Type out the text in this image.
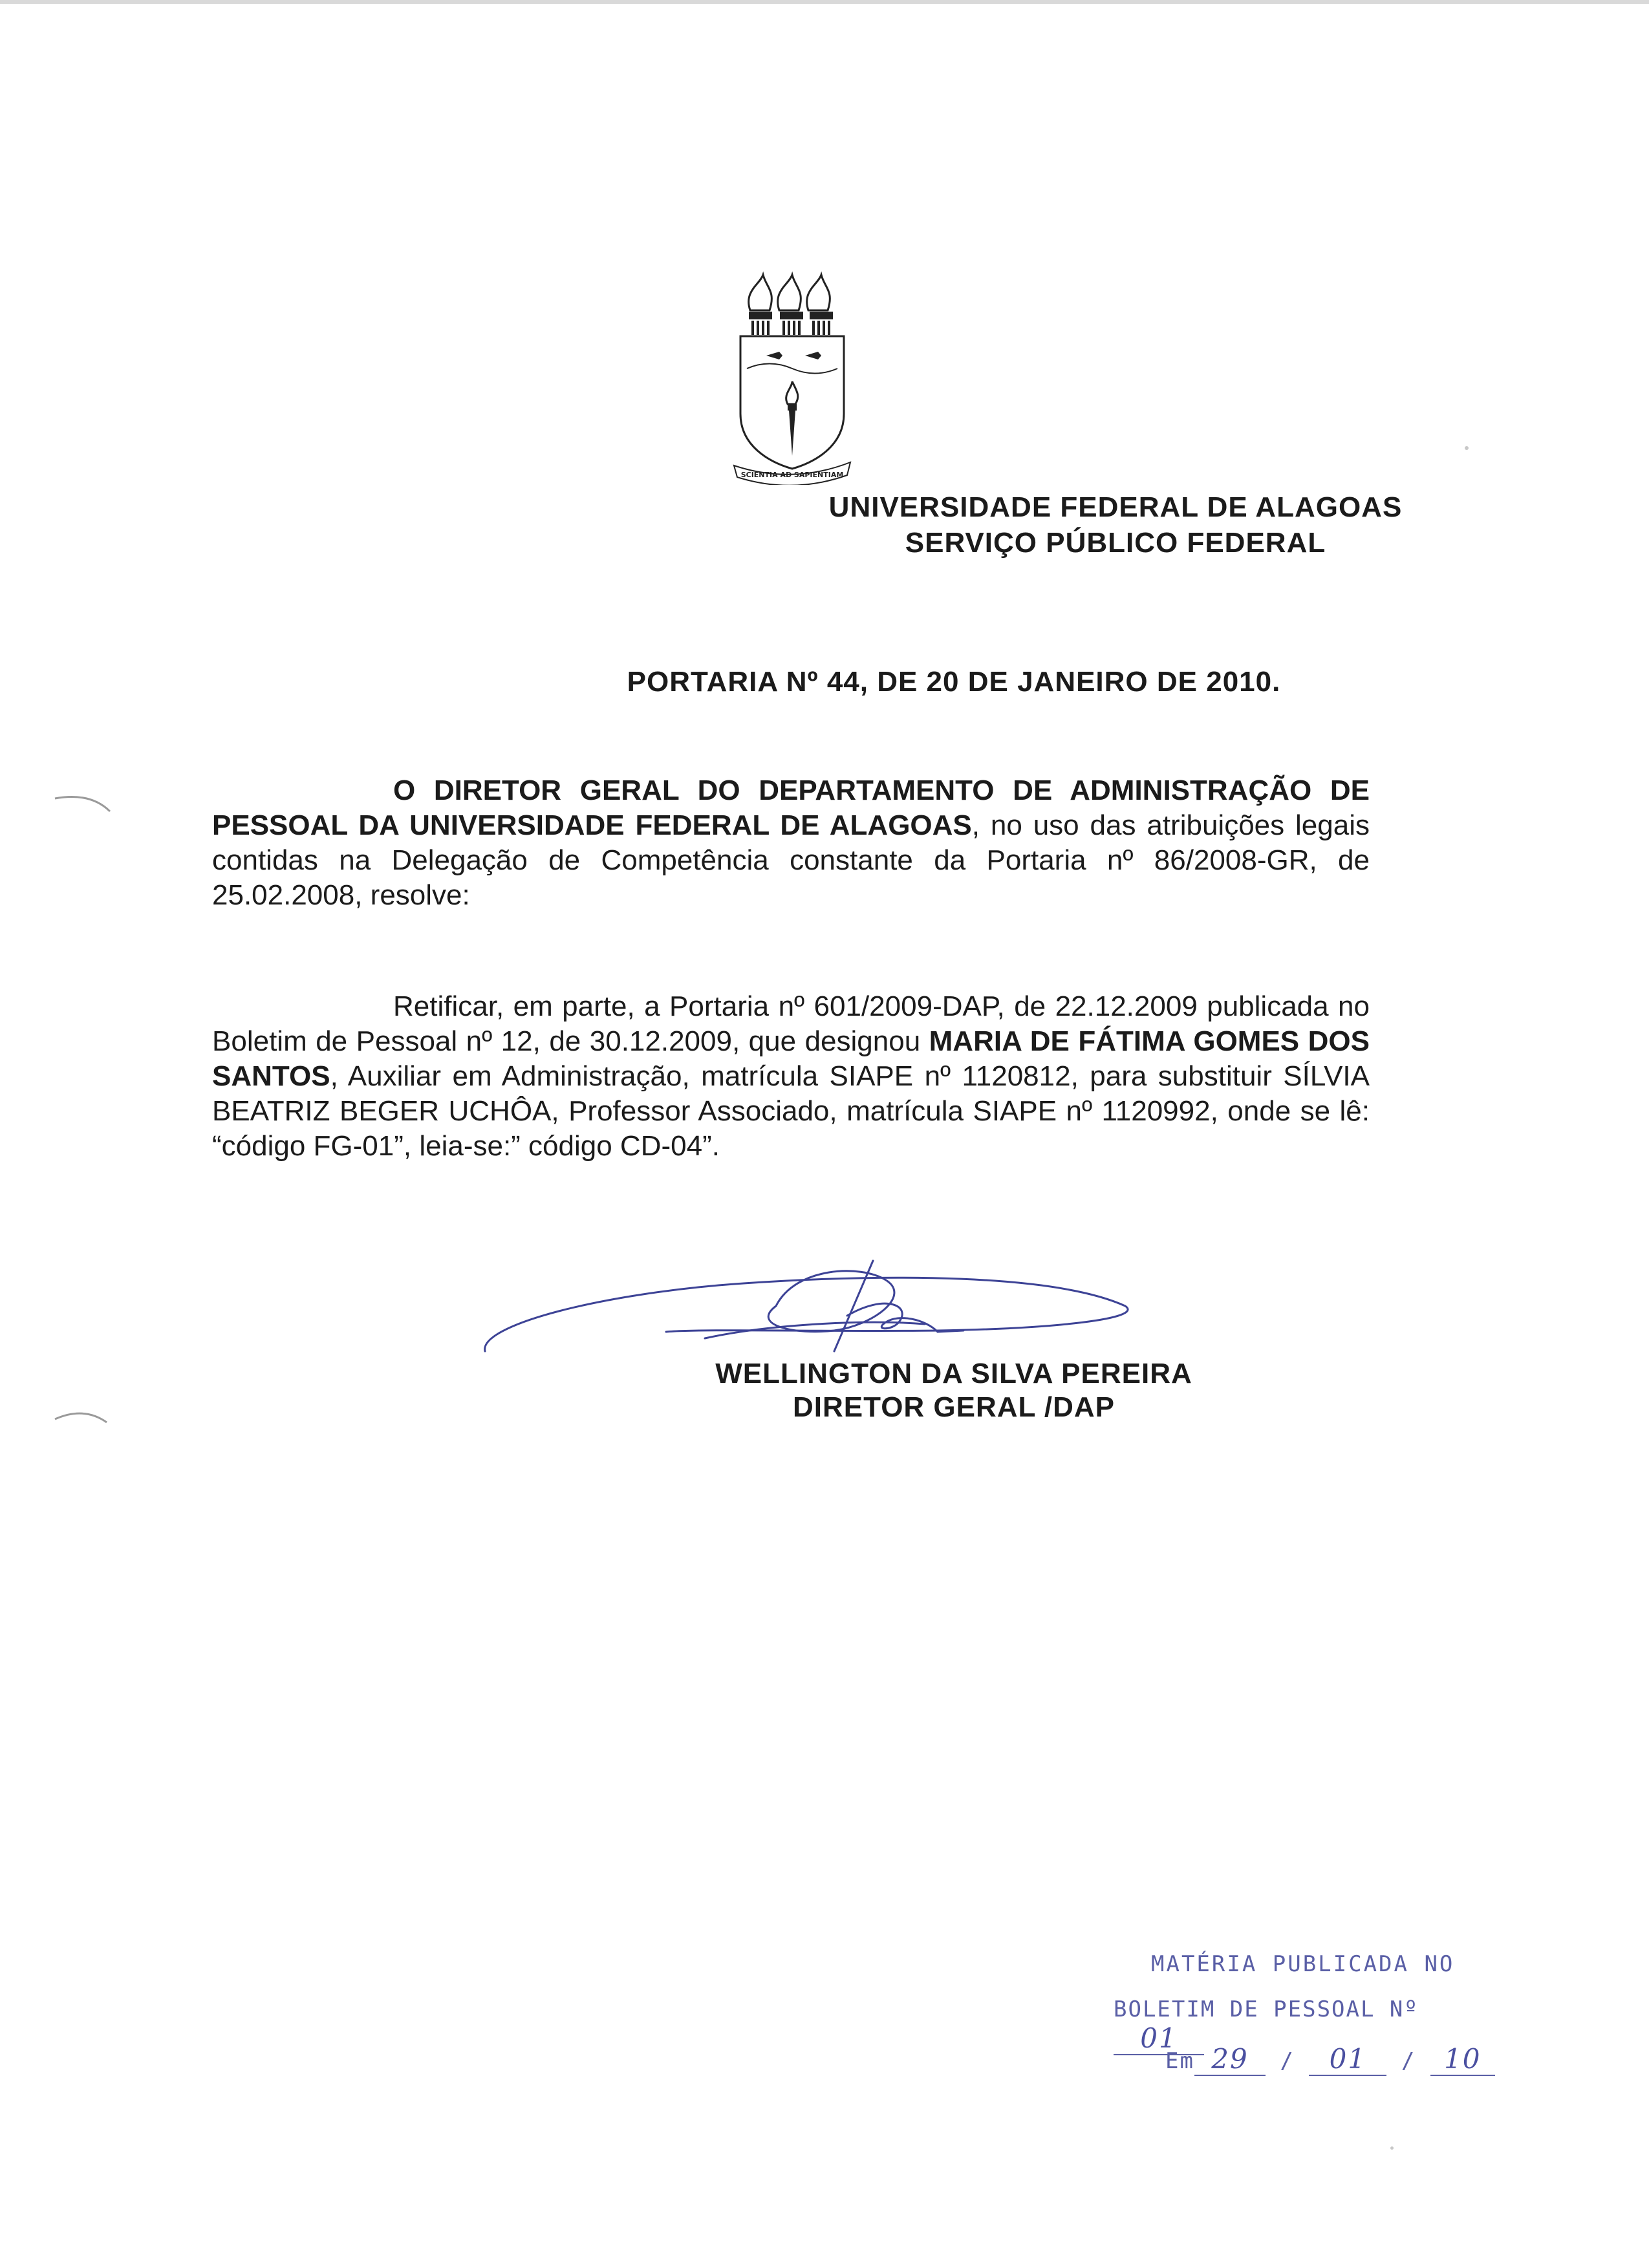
SCIENTIA AD SAPIENTIAM
UNIVERSIDADE FEDERAL DE ALAGOAS
SERVIÇO PÚBLICO FEDERAL
PORTARIA Nº 44, DE 20 DE JANEIRO DE 2010.
O DIRETOR GERAL DO DEPARTAMENTO DE ADMINISTRAÇÃO DE PESSOAL DA UNIVERSIDADE FEDERAL DE ALAGOAS, no uso das atribuições legais contidas na Delegação de Competência constante da Portaria nº 86/2008-GR, de 25.02.2008, resolve:
Retificar, em parte, a Portaria nº 601/2009-DAP, de 22.12.2009 publicada no Boletim de Pessoal nº 12, de 30.12.2009, que designou MARIA DE FÁTIMA GOMES DOS SANTOS, Auxiliar em Administração, matrícula SIAPE nº 1120812, para substituir SÍLVIA BEATRIZ BEGER UCHÔA, Professor Associado, matrícula SIAPE nº 1120992, onde se lê: “código FG-01”, leia-se:” código CD-04”.
WELLINGTON DA SILVA PEREIRA
DIRETOR GERAL /DAP
MATÉRIA PUBLICADA NO
BOLETIM DE PESSOAL Nº 01
Em 29 / 01 / 10
